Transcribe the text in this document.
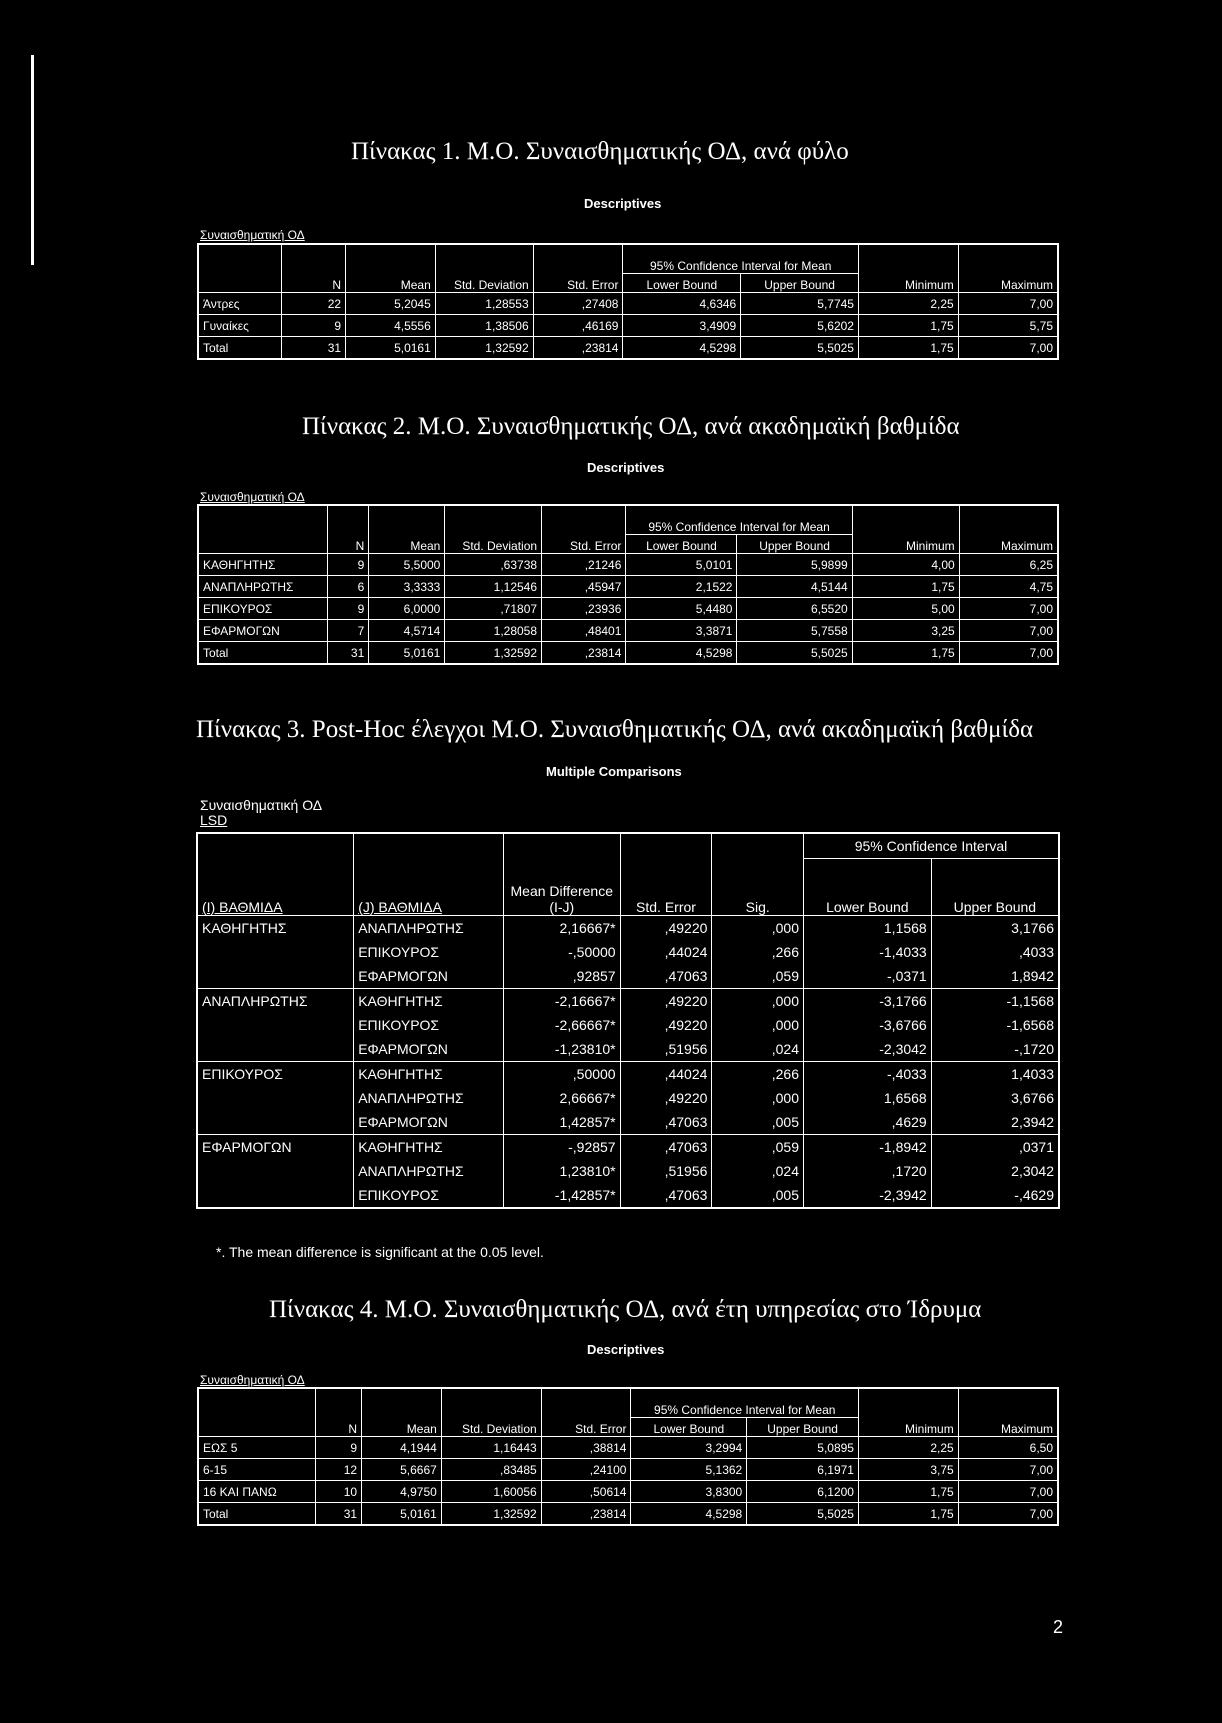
Πίνακας 1. Μ.Ο. Συναισθηματικής ΟΔ, ανά φύλο
Descriptives
Συναισθηματική ΟΔ
					95% Confidence Interval for Mean			
	N	Mean	Std. Deviation	Std. Error	Lower Bound	Upper Bound	Minimum	Maximum
Άντρες	22	5,2045	1,28553	,27408	4,6346	5,7745	2,25	7,00
Γυναίκες	9	4,5556	1,38506	,46169	3,4909	5,6202	1,75	5,75
Total	31	5,0161	1,32592	,23814	4,5298	5,5025	1,75	7,00
Πίνακας 2. Μ.Ο. Συναισθηματικής ΟΔ, ανά ακαδημαϊκή βαθμίδα
Descriptives
Συναισθηματική ΟΔ
					95% Confidence Interval for Mean			
	N	Mean	Std. Deviation	Std. Error	Lower Bound	Upper Bound	Minimum	Maximum
ΚΑΘΗΓΗΤΗΣ	9	5,5000	,63738	,21246	5,0101	5,9899	4,00	6,25
ΑΝΑΠΛΗΡΩΤΗΣ	6	3,3333	1,12546	,45947	2,1522	4,5144	1,75	4,75
ΕΠΙΚΟΥΡΟΣ	9	6,0000	,71807	,23936	5,4480	6,5520	5,00	7,00
ΕΦΑΡΜΟΓΩΝ	7	4,5714	1,28058	,48401	3,3871	5,7558	3,25	7,00
Total	31	5,0161	1,32592	,23814	4,5298	5,5025	1,75	7,00
Πίνακας 3. Post-Hoc έλεγχοι Μ.Ο. Συναισθηματικής ΟΔ, ανά ακαδημαϊκή βαθμίδα
Multiple Comparisons
Συναισθηματική ΟΔ
LSD
					95% Confidence Interval	
(I) ΒΑΘΜΙΔΑ	(J) ΒΑΘΜΙΔΑ	Mean Difference (I-J)	Std. Error	Sig.	Lower Bound	Upper Bound
ΚΑΘΗΓΗΤΗΣ	ΑΝΑΠΛΗΡΩΤΗΣ	2,16667*	,49220	,000	1,1568	3,1766
	ΕΠΙΚΟΥΡΟΣ	-,50000	,44024	,266	-1,4033	,4033
	ΕΦΑΡΜΟΓΩΝ	,92857	,47063	,059	-,0371	1,8942
ΑΝΑΠΛΗΡΩΤΗΣ	ΚΑΘΗΓΗΤΗΣ	-2,16667*	,49220	,000	-3,1766	-1,1568
	ΕΠΙΚΟΥΡΟΣ	-2,66667*	,49220	,000	-3,6766	-1,6568
	ΕΦΑΡΜΟΓΩΝ	-1,23810*	,51956	,024	-2,3042	-,1720
ΕΠΙΚΟΥΡΟΣ	ΚΑΘΗΓΗΤΗΣ	,50000	,44024	,266	-,4033	1,4033
	ΑΝΑΠΛΗΡΩΤΗΣ	2,66667*	,49220	,000	1,6568	3,6766
	ΕΦΑΡΜΟΓΩΝ	1,42857*	,47063	,005	,4629	2,3942
ΕΦΑΡΜΟΓΩΝ	ΚΑΘΗΓΗΤΗΣ	-,92857	,47063	,059	-1,8942	,0371
	ΑΝΑΠΛΗΡΩΤΗΣ	1,23810*	,51956	,024	,1720	2,3042
	ΕΠΙΚΟΥΡΟΣ	-1,42857*	,47063	,005	-2,3942	-,4629
*. The mean difference is significant at the 0.05 level.
Πίνακας 4. Μ.Ο. Συναισθηματικής ΟΔ, ανά έτη υπηρεσίας στο Ίδρυμα
Descriptives
Συναισθηματική ΟΔ
					95% Confidence Interval for Mean			
	N	Mean	Std. Deviation	Std. Error	Lower Bound	Upper Bound	Minimum	Maximum
ΕΩΣ 5	9	4,1944	1,16443	,38814	3,2994	5,0895	2,25	6,50
6-15	12	5,6667	,83485	,24100	5,1362	6,1971	3,75	7,00
16 ΚΑΙ ΠΑΝΩ	10	4,9750	1,60056	,50614	3,8300	6,1200	1,75	7,00
Total	31	5,0161	1,32592	,23814	4,5298	5,5025	1,75	7,00
2
